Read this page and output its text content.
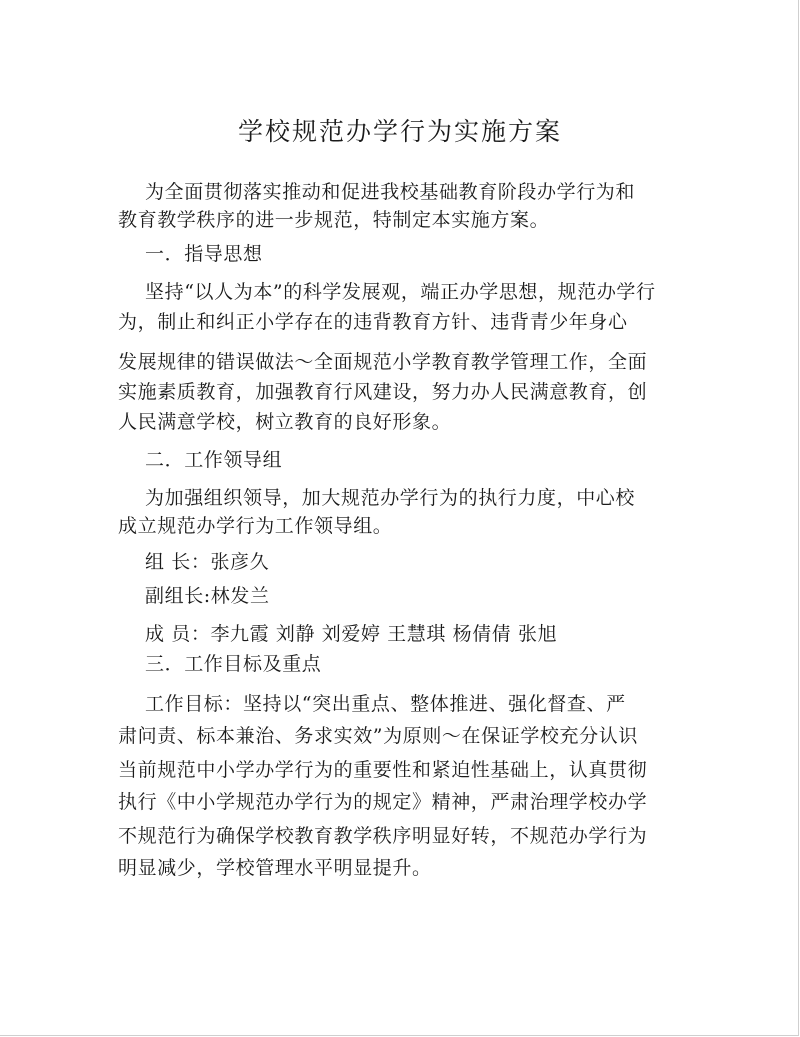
学校规范办学行为实施方案
为全面贯彻落实推动和促进我校基础教育阶段办学行为和
教育教学秩序的进一步规范，特制定本实施方案。
一．指导思想
坚持“以人为本”的科学发展观，端正办学思想，规范办学行
为，制止和纠正小学存在的违背教育方针、违背青少年身心
发展规律的错误做法～全面规范小学教育教学管理工作，全面
实施素质教育，加强教育行风建设，努力办人民满意教育，创
人民满意学校，树立教育的良好形象。
二．工作领导组
为加强组织领导，加大规范办学行为的执行力度，中心校
成立规范办学行为工作领导组。
组 长：张彦久
副组长:林发兰
成 员：李九霞 刘静 刘爱婷 王慧琪 杨倩倩 张旭
三．工作目标及重点
工作目标：坚持以“突出重点、整体推进、强化督查、严
肃问责、标本兼治、务求实效”为原则～在保证学校充分认识
当前规范中小学办学行为的重要性和紧迫性基础上，认真贯彻
执行《中小学规范办学行为的规定》精神，严肃治理学校办学
不规范行为确保学校教育教学秩序明显好转，不规范办学行为
明显减少，学校管理水平明显提升。
